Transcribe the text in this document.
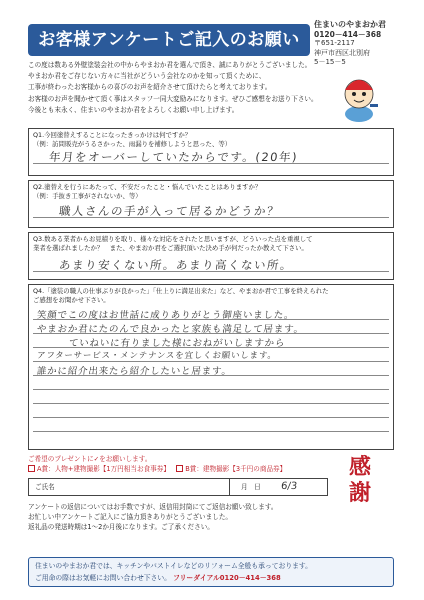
お客様アンケートご記入のお願い
住まいのやまおか君
0120－414－368
〒651-2117
神戸市西区北別府
5－15－5
この度は数ある外壁塗装会社の中からやまおか君を選んで頂き、誠にありがとうございました。
やまおか君をご存じない方々に当社がどういう会社なのかを知って頂くために、
工事が終わったお客様からの喜びのお声を紹介させて頂けたらと考えております。
お客様のお声を聞かせて頂く事はスタッフ一同大変励みになります。ぜひご感想をお送り下さい。
今後とも末永く、住まいのやまおか君をよろしくお願い申し上げます。
Q1.今回塗替えすることになったきっかけは何ですか？
（例：訪問販売がうるさかった、雨漏りを補修しようと思った、等）
年月をオーバーしていたからです。(20年)
Q2.塗替えを行うにあたって、不安だったこと・悩んでいたことはありますか？
（例：手抜き工事がされないか、等）
職人さんの手が入って居るかどうか？
Q3.数ある業者からお見積りを取り、様々な対応をされたと思いますが、どういった点を重視して
業者を選ばれましたか？　また、やまおか君をご選択頂いた決め手が何だったか教えて下さい。
あまり安くない所。あまり高くない所。
Q4.「塗装の職人の仕事ぶりが良かった」「仕上りに満足出来た」など、やまおか君で工事を終えられた
ご感想をお聞かせ下さい。
笑顔でこの度はお世話に成りありがとう御座いました。
やまおか君にたのんで良かったと家族も満足して居ます。
ていねいに有りました様におねがいしますから
アフターサービス・メンテナンスを宜しくお願いします。
誰かに紹介出来たら紹介したいと居ます。
ご希望のプレゼントに✓をお願いします。
A賞：人物+建物撮影【1万円相当お食事券】 B賞：建物撮影【3千円の商品券】
ご氏名	月　日 6/3
感謝
アンケートの返信についてはお手数ですが、返信用封筒にてご返信お願い致します。
お忙しい中アンケートご記入にご協力頂きありがとうございました。
返礼品の発送時期は1～2か月後になります。ご了承ください。
住まいのやまおか君では、キッチンやバストイレなどのリフォーム全般も承っております。
ご用命の際はお気軽にお問い合わせ下さい。 フリーダイアル0120－414－368
